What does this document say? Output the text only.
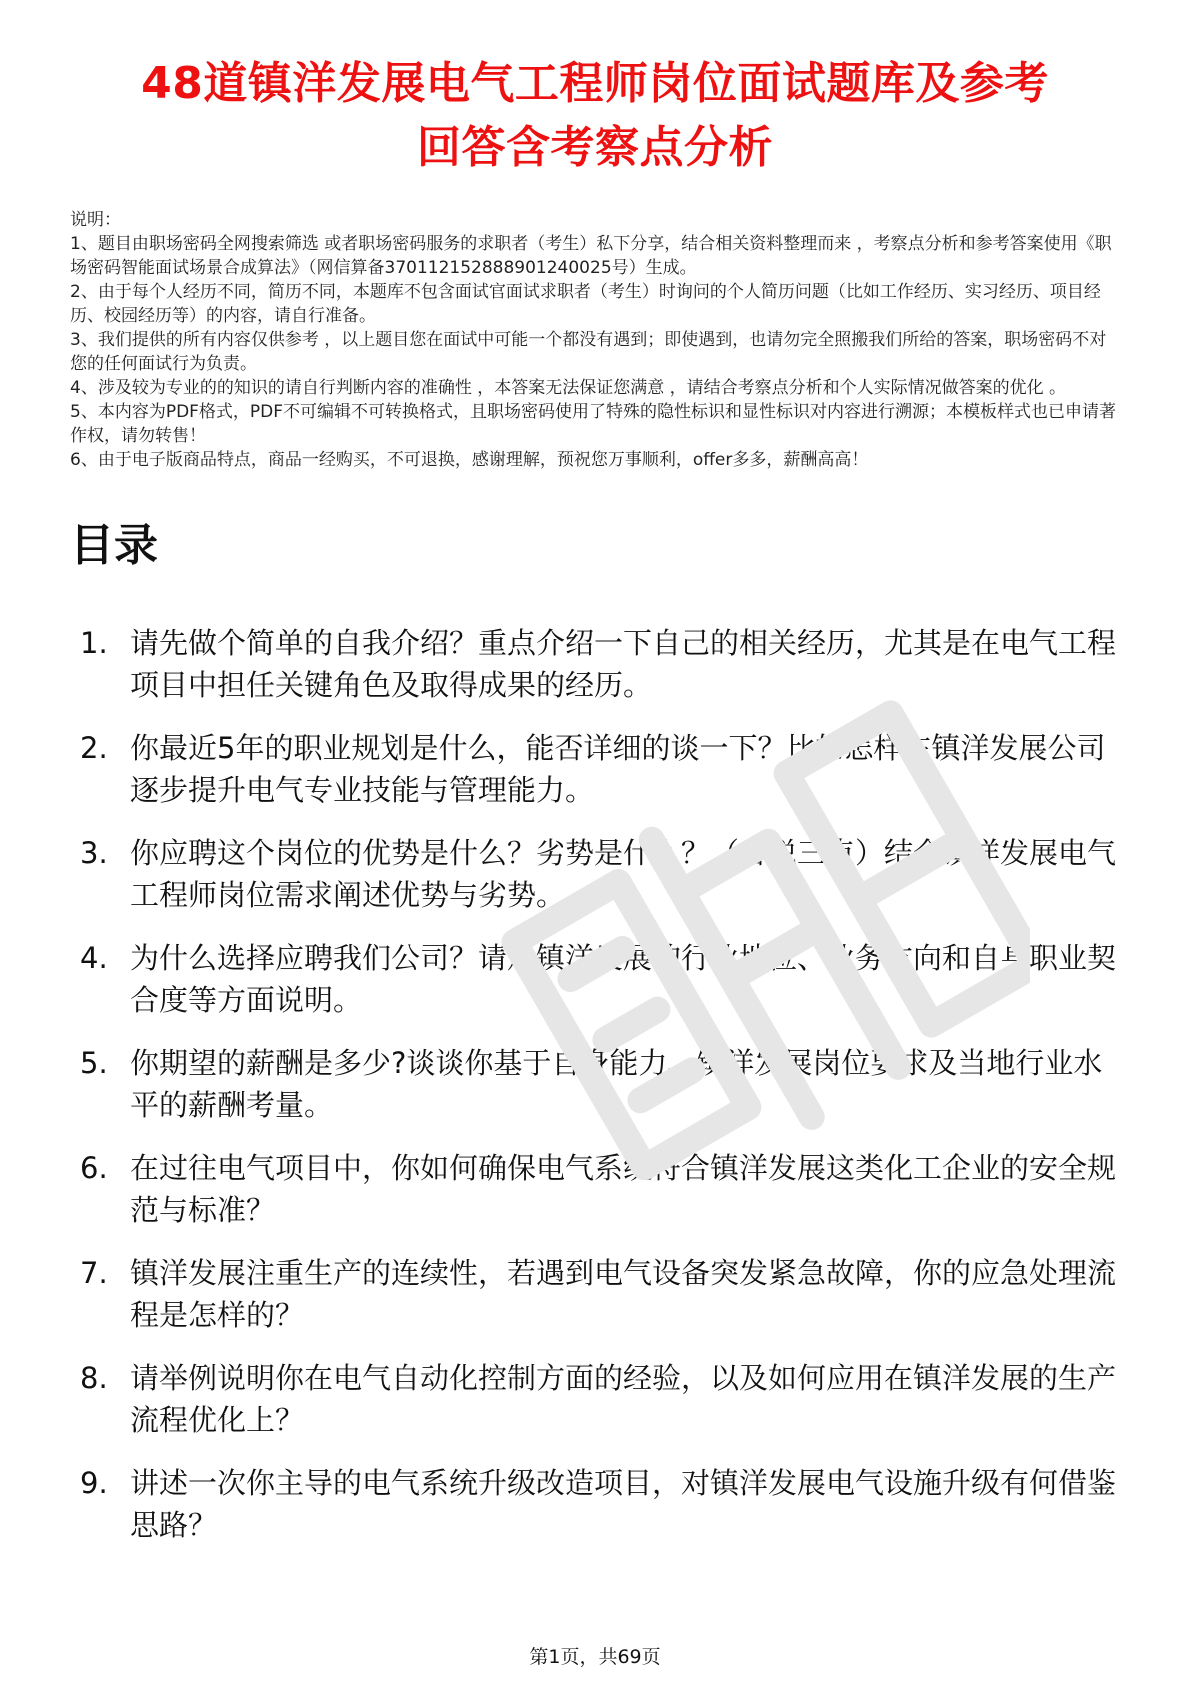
48道镇洋发展电气工程师岗位面试题库及参考
回答含考察点分析

说明：

1、题目由职场密码全网搜索筛选 或者职场密码服务的求职者（考生）私下分享，结合相关资料整理而来 ，考察点分析和参考答案使用《职场密码智能面试场景合成算法》（网信算备370112152888901240025号）生成。

2、由于每个人经历不同，简历不同，本题库不包含面试官面试求职者（考生）时询问的个人简历问题（比如工作经历、实习经历、项目经历、校园经历等）的内容，请自行准备。

3、我们提供的所有内容仅供参考 ，以上题目您在面试中可能一个都没有遇到；即使遇到，也请勿完全照搬我们所给的答案，职场密码不对您的任何面试行为负责。

4、涉及较为专业的的知识的请自行判断内容的准确性 ，本答案无法保证您满意 ，请结合考察点分析和个人实际情况做答案的优化 。

5、本内容为PDF格式，PDF不可编辑不可转换格式，且职场密码使用了特殊的隐性标识和显性标识对内容进行溯源；本模板样式也已申请著作权，请勿转售！

6、由于电子版商品特点，商品一经购买，不可退换，感谢理解，预祝您万事顺利，offer多多，薪酬高高！

目录
1. 请先做个简单的自我介绍？重点介绍一下自己的相关经历，尤其是在电气工程项目中担任关键角色及取得成果的经历。
2. 你最近5年的职业规划是什么，能否详细的谈一下？比如怎样在镇洋发展公司逐步提升电气专业技能与管理能力。
3. 你应聘这个岗位的优势是什么？劣势是什么？（各说三点）结合镇洋发展电气工程师岗位需求阐述优势与劣势。
4. 为什么选择应聘我们公司？请从镇洋发展的行业地位、业务方向和自身职业契合度等方面说明。
5. 你期望的薪酬是多少?谈谈你基于自身能力、镇洋发展岗位要求及当地行业水平的薪酬考量。
6. 在过往电气项目中，你如何确保电气系统符合镇洋发展这类化工企业的安全规范与标准？
7. 镇洋发展注重生产的连续性，若遇到电气设备突发紧急故障，你的应急处理流程是怎样的？
8. 请举例说明你在电气自动化控制方面的经验，以及如何应用在镇洋发展的生产流程优化上？
9. 讲述一次你主导的电气系统升级改造项目，对镇洋发展电气设施升级有何借鉴思路？
第1页，共69页
